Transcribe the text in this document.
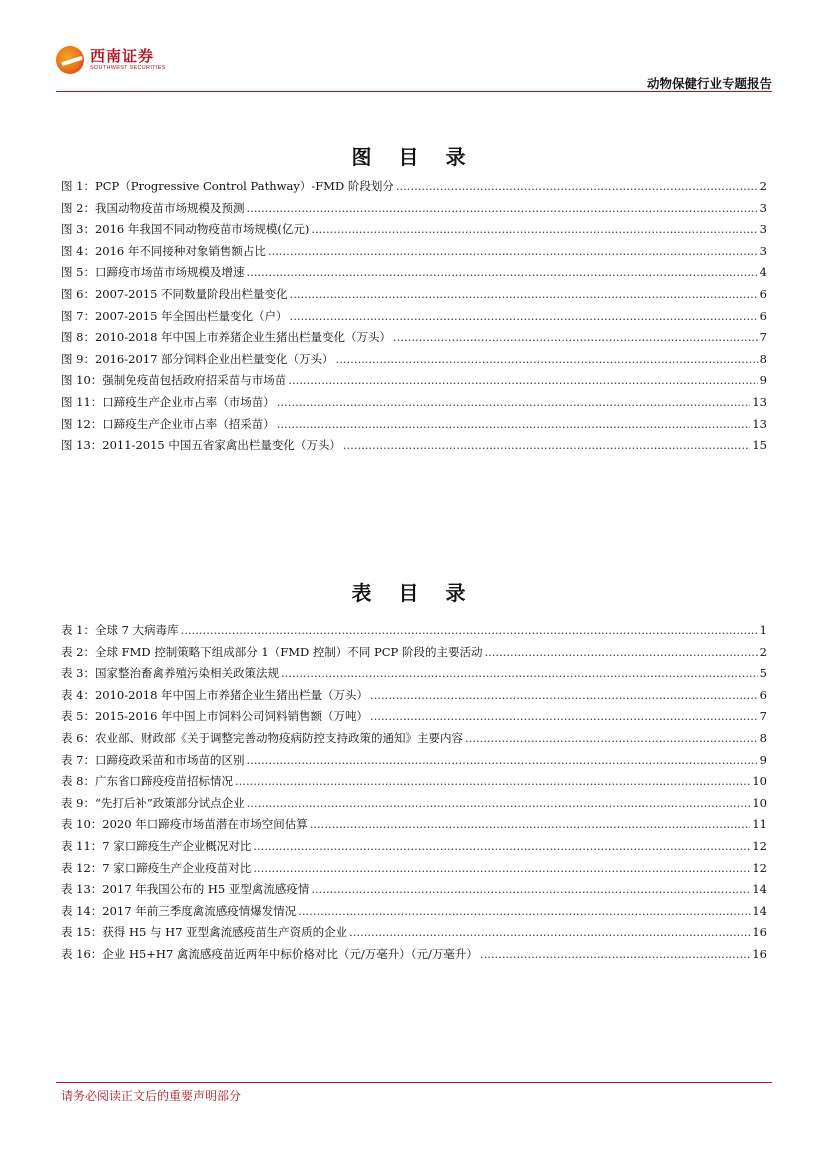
西南证券
SOUTHWEST SECURITIES
动物保健行业专题报告
图 目 录
图 1：PCP（Progressive Control Pathway）-FMD 阶段划分 .....	2
图 2：我国动物疫苗市场规模及预测 .....	3
图 3：2016 年我国不同动物疫苗市场规模(亿元) .....	3
图 4：2016 年不同接种对象销售额占比 .....	3
图 5：口蹄疫市场苗市场规模及增速 .....	4
图 6：2007-2015 不同数量阶段出栏量变化 .....	6
图 7：2007-2015 年全国出栏量变化（户） .....	6
图 8：2010-2018 年中国上市养猪企业生猪出栏量变化（万头） .....	7
图 9：2016-2017 部分饲料企业出栏量变化（万头） .....	8
图 10：强制免疫苗包括政府招采苗与市场苗 .....	9
图 11：口蹄疫生产企业市占率（市场苗） .....	13
图 12：口蹄疫生产企业市占率（招采苗） .....	13
图 13：2011-2015 中国五省家禽出栏量变化（万头） .....	15
表 目 录
表 1：全球 7 大病毒库 .....	1
表 2：全球 FMD 控制策略下组成部分 1（FMD 控制）不同 PCP 阶段的主要活动 .....	2
表 3：国家整治畜禽养殖污染相关政策法规 .....	5
表 4：2010-2018 年中国上市养猪企业生猪出栏量（万头） .....	6
表 5：2015-2016 年中国上市饲料公司饲料销售额（万吨） .....	7
表 6：农业部、财政部《关于调整完善动物疫病防控支持政策的通知》主要内容 .....	8
表 7：口蹄疫政采苗和市场苗的区别 .....	9
表 8：广东省口蹄疫疫苗招标情况 .....	10
表 9：“先打后补”政策部分试点企业 .....	10
表 10：2020 年口蹄疫市场苗潜在市场空间估算 .....	11
表 11：7 家口蹄疫生产企业概况对比 .....	12
表 12：7 家口蹄疫生产企业疫苗对比 .....	12
表 13：2017 年我国公布的 H5 亚型禽流感疫情 .....	14
表 14：2017 年前三季度禽流感疫情爆发情况 .....	14
表 15：获得 H5 与 H7 亚型禽流感疫苗生产资质的企业 .....	16
表 16：企业 H5+H7 禽流感疫苗近两年中标价格对比（元/万毫升）（元/万毫升） .....	16
请务必阅读正文后的重要声明部分
